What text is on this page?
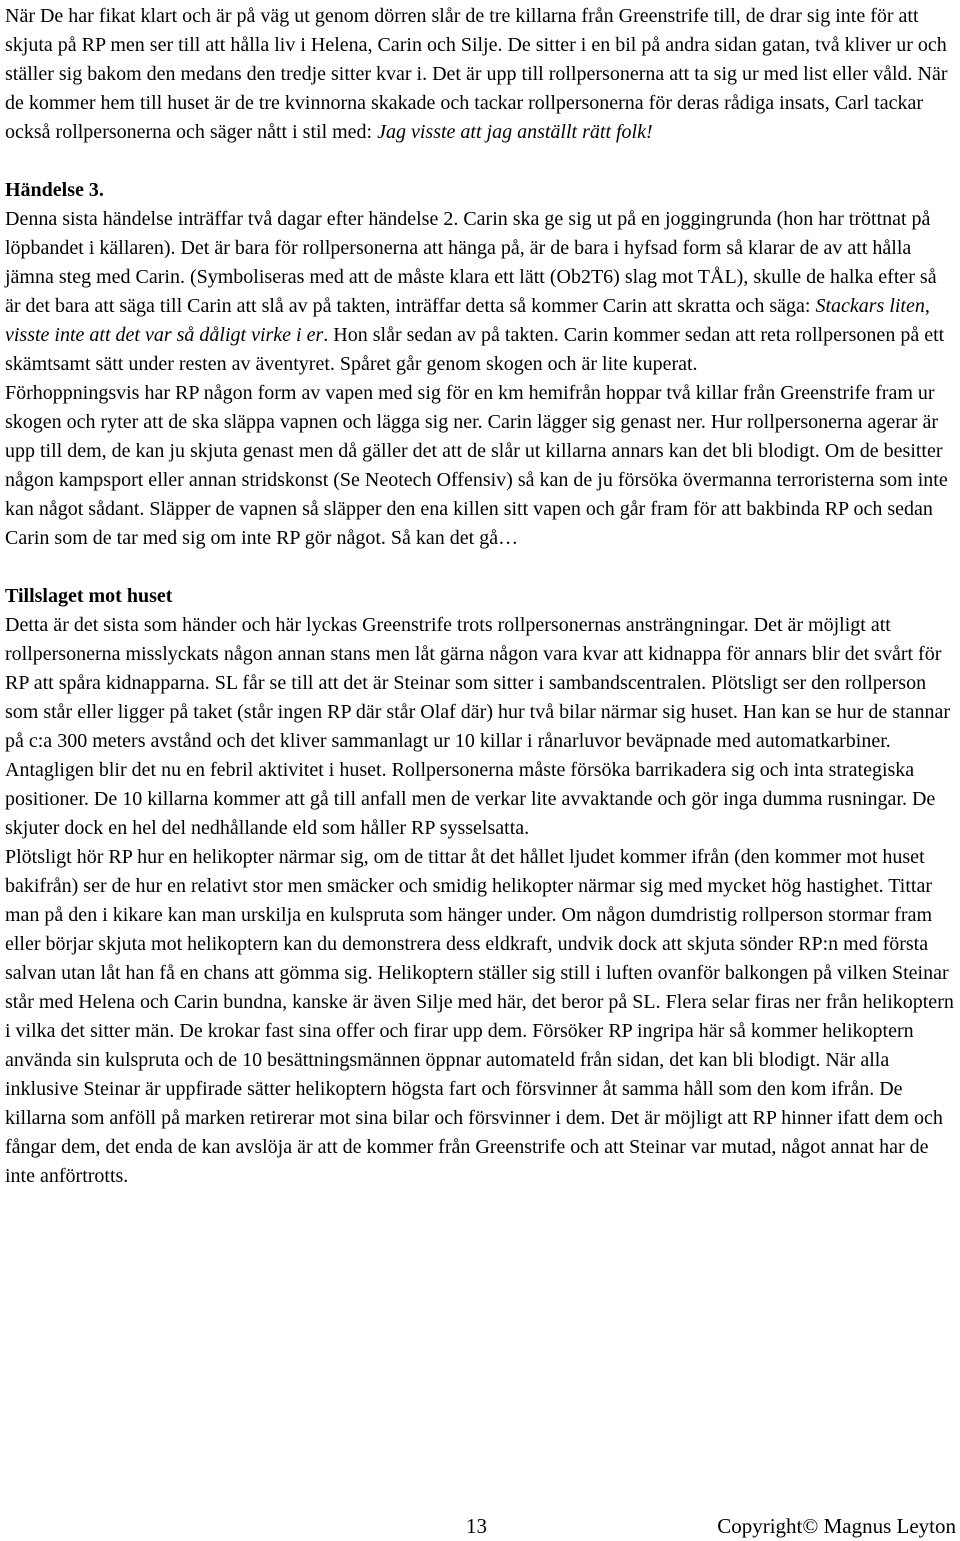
När De har fikat klart och är på väg ut genom dörren slår de tre killarna från Greenstrife till, de drar sig inte för att skjuta på RP men ser till att hålla liv i Helena, Carin och Silje. De sitter i en bil på andra sidan gatan, två kliver ur och ställer sig bakom den medans den tredje sitter kvar i. Det är upp till rollpersonerna att ta sig ur med list eller våld. När de kommer hem till huset är de tre kvinnorna skakade och tackar rollpersonerna för deras rådiga insats, Carl tackar också rollpersonerna och säger nått i stil med: Jag visste att jag anställt rätt folk!

Händelse 3.

Denna sista händelse inträffar två dagar efter händelse 2. Carin ska ge sig ut på en joggingrunda (hon har tröttnat på löpbandet i källaren). Det är bara för rollpersonerna att hänga på, är de bara i hyfsad form så klarar de av att hålla jämna steg med Carin. (Symboliseras med att de måste klara ett lätt (Ob2T6) slag mot TÅL), skulle de halka efter så är det bara att säga till Carin att slå av på takten, inträffar detta så kommer Carin att skratta och säga: Stackars liten, visste inte att det var så dåligt virke i er. Hon slår sedan av på takten. Carin kommer sedan att reta rollpersonen på ett skämtsamt sätt under resten av äventyret. Spåret går genom skogen och är lite kuperat.

Förhoppningsvis har RP någon form av vapen med sig för en km hemifrån hoppar två killar från Greenstrife fram ur skogen och ryter att de ska släppa vapnen och lägga sig ner. Carin lägger sig genast ner. Hur rollpersonerna agerar är upp till dem, de kan ju skjuta genast men då gäller det att de slår ut killarna annars kan det bli blodigt. Om de besitter någon kampsport eller annan stridskonst (Se Neotech Offensiv) så kan de ju försöka övermanna terroristerna som inte kan något sådant. Släpper de vapnen så släpper den ena killen sitt vapen och går fram för att bakbinda RP och sedan Carin som de tar med sig om inte RP gör något. Så kan det gå…

Tillslaget mot huset

Detta är det sista som händer och här lyckas Greenstrife trots rollpersonernas ansträngningar. Det är möjligt att rollpersonerna misslyckats någon annan stans men låt gärna någon vara kvar att kidnappa för annars blir det svårt för RP att spåra kidnapparna. SL får se till att det är Steinar som sitter i sambandscentralen. Plötsligt ser den rollperson som står eller ligger på taket (står ingen RP där står Olaf där) hur två bilar närmar sig huset. Han kan se hur de stannar på c:a 300 meters avstånd och det kliver sammanlagt ur 10 killar i rånarluvor beväpnade med automatkarbiner. Antagligen blir det nu en febril aktivitet i huset. Rollpersonerna måste försöka barrikadera sig och inta strategiska positioner. De 10 killarna kommer att gå till anfall men de verkar lite avvaktande och gör inga dumma rusningar. De skjuter dock en hel del nedhållande eld som håller RP sysselsatta.

Plötsligt hör RP hur en helikopter närmar sig, om de tittar åt det hållet ljudet kommer ifrån (den kommer mot huset bakifrån) ser de hur en relativt stor men smäcker och smidig helikopter närmar sig med mycket hög hastighet. Tittar man på den i kikare kan man urskilja en kulspruta som hänger under. Om någon dumdristig rollperson stormar fram eller börjar skjuta mot helikoptern kan du demonstrera dess eldkraft, undvik dock att skjuta sönder RP:n med första salvan utan låt han få en chans att gömma sig. Helikoptern ställer sig still i luften ovanför balkongen på vilken Steinar står med Helena och Carin bundna, kanske är även Silje med här, det beror på SL. Flera selar firas ner från helikoptern i vilka det sitter män. De krokar fast sina offer och firar upp dem. Försöker RP ingripa här så kommer helikoptern använda sin kulspruta och de 10 besättningsmännen öppnar automateld från sidan, det kan bli blodigt. När alla inklusive Steinar är uppfirade sätter helikoptern högsta fart och försvinner åt samma håll som den kom ifrån. De killarna som anföll på marken retirerar mot sina bilar och försvinner i dem. Det är möjligt att RP hinner ifatt dem och fångar dem, det enda de kan avslöja är att de kommer från Greenstrife och att Steinar var mutad, något annat har de inte anförtrotts.

13	Copyright© Magnus Leyton
